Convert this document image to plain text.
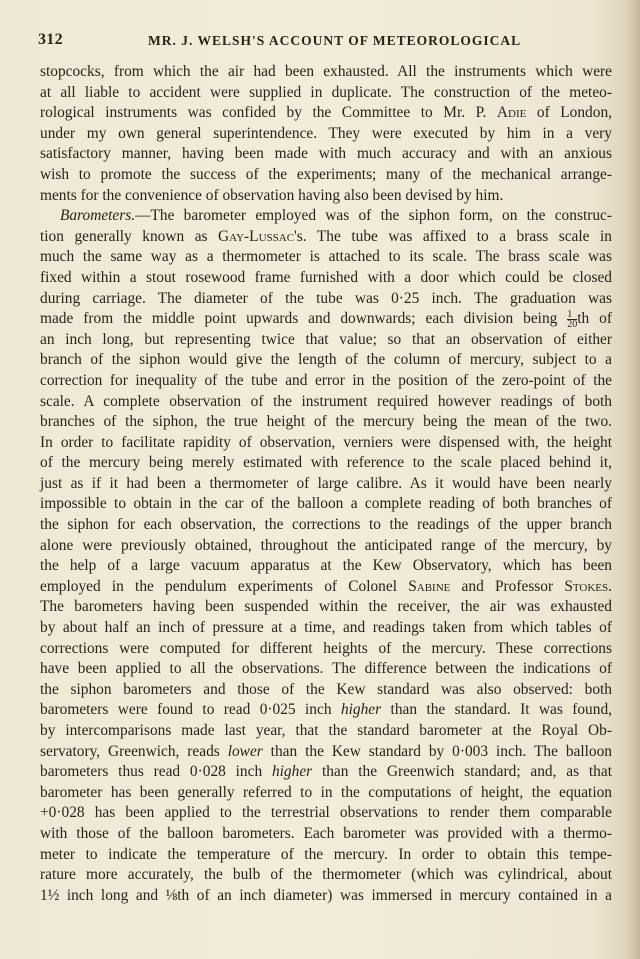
312	MR. J. WELSH'S ACCOUNT OF METEOROLOGICAL
stopcocks, from which the air had been exhausted. All the instruments which were
at all liable to accident were supplied in duplicate. The construction of the meteo-
rological instruments was confided by the Committee to Mr. P. Adie of London,
under my own general superintendence. They were executed by him in a very
satisfactory manner, having been made with much accuracy and with an anxious
wish to promote the success of the experiments; many of the mechanical arrange-
ments for the convenience of observation having also been devised by him.
Barometers.—The barometer employed was of the siphon form, on the construc-
tion generally known as Gay-Lussac's. The tube was affixed to a brass scale in
much the same way as a thermometer is attached to its scale. The brass scale was
fixed within a stout rosewood frame furnished with a door which could be closed
during carriage. The diameter of the tube was 0·25 inch. The graduation was
made from the middle point upwards and downwards; each division being $\frac{1}{20}$ th of
an inch long, but representing twice that value; so that an observation of either
branch of the siphon would give the length of the column of mercury, subject to a
correction for inequality of the tube and error in the position of the zero-point of the
scale. A complete observation of the instrument required however readings of both
branches of the siphon, the true height of the mercury being the mean of the two.
In order to facilitate rapidity of observation, verniers were dispensed with, the height
of the mercury being merely estimated with reference to the scale placed behind it,
just as if it had been a thermometer of large calibre. As it would have been nearly
impossible to obtain in the car of the balloon a complete reading of both branches of
the siphon for each observation, the corrections to the readings of the upper branch
alone were previously obtained, throughout the anticipated range of the mercury, by
the help of a large vacuum apparatus at the Kew Observatory, which has been
employed in the pendulum experiments of Colonel Sabine and Professor Stokes.
The barometers having been suspended within the receiver, the air was exhausted
by about half an inch of pressure at a time, and readings taken from which tables of
corrections were computed for different heights of the mercury. These corrections
have been applied to all the observations. The difference between the indications of
the siphon barometers and those of the Kew standard was also observed: both
barometers were found to read 0·025 inch higher than the standard. It was found,
by intercomparisons made last year, that the standard barometer at the Royal Ob-
servatory, Greenwich, reads lower than the Kew standard by 0·003 inch. The balloon
barometers thus read 0·028 inch higher than the Greenwich standard; and, as that
barometer has been generally referred to in the computations of height, the equation
+0·028 has been applied to the terrestrial observations to render them comparable
with those of the balloon barometers. Each barometer was provided with a thermo-
meter to indicate the temperature of the mercury. In order to obtain this tempe-
rature more accurately, the bulb of the thermometer (which was cylindrical, about
1½ inch long and ⅛th of an inch diameter) was immersed in mercury contained in a
